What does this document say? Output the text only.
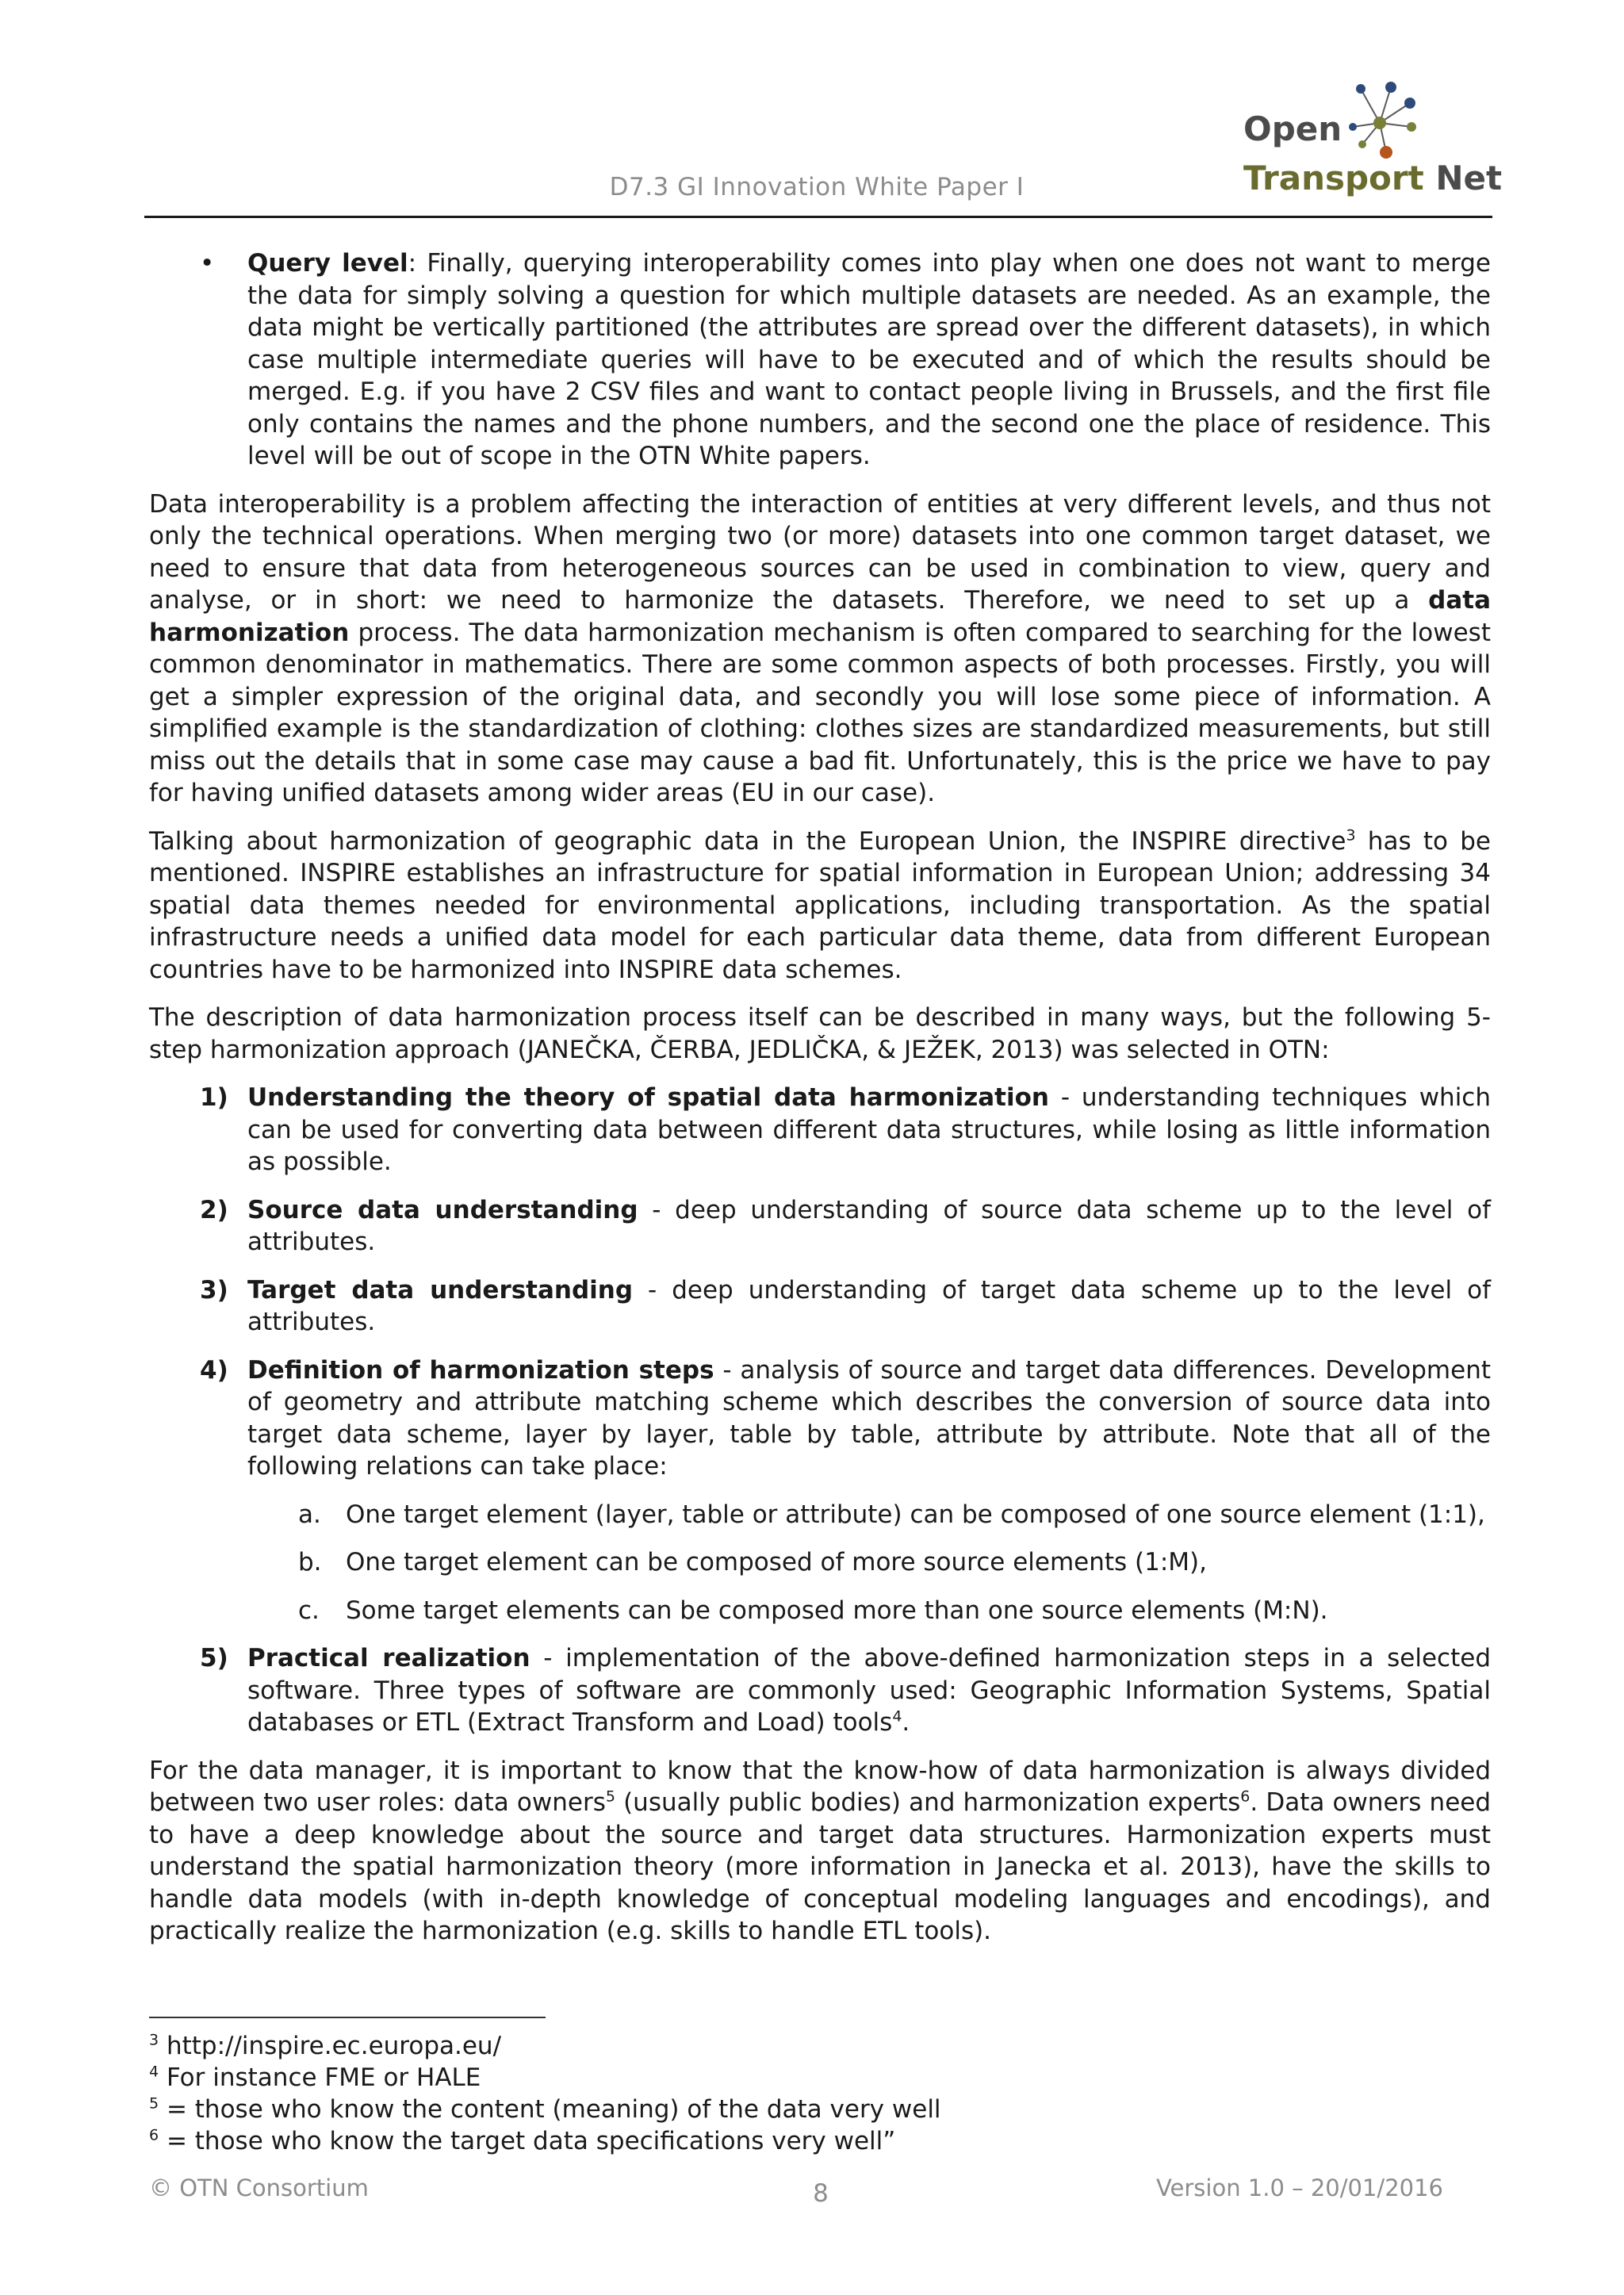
D7.3 GI Innovation White Paper I
Open
Transport Net
• Query level: Finally, querying interoperability comes into play when one does not want to merge the data for simply solving a question for which multiple datasets are needed. As an example, the data might be vertically partitioned (the attributes are spread over the different datasets), in which case multiple intermediate queries will have to be executed and of which the results should be merged. E.g. if you have 2 CSV files and want to contact people living in Brussels, and the first file only contains the names and the phone numbers, and the second one the place of residence. This level will be out of scope in the OTN White papers.

Data interoperability is a problem affecting the interaction of entities at very different levels, and thus not only the technical operations. When merging two (or more) datasets into one common target dataset, we need to ensure that data from heterogeneous sources can be used in combination to view, query and analyse, or in short: we need to harmonize the datasets. Therefore, we need to set up a data harmonization process. The data harmonization mechanism is often compared to searching for the lowest common denominator in mathematics. There are some common aspects of both processes. Firstly, you will get a simpler expression of the original data, and secondly you will lose some piece of information. A simplified example is the standardization of clothing: clothes sizes are standardized measurements, but still miss out the details that in some case may cause a bad fit. Unfortunately, this is the price we have to pay for having unified datasets among wider areas (EU in our case).

Talking about harmonization of geographic data in the European Union, the INSPIRE directive$^3$ has to be mentioned. INSPIRE establishes an infrastructure for spatial information in European Union; addressing 34 spatial data themes needed for environmental applications, including transportation. As the spatial infrastructure needs a unified data model for each particular data theme, data from different European countries have to be harmonized into INSPIRE data schemes.

The description of data harmonization process itself can be described in many ways, but the following 5-step harmonization approach (JANEČKA, ČERBA, JEDLIČKA, & JEŽEK, 2013) was selected in OTN:

1) Understanding the theory of spatial data harmonization - understanding techniques which can be used for converting data between different data structures, while losing as little information as possible.
2) Source data understanding - deep understanding of source data scheme up to the level of attributes.
3) Target data understanding - deep understanding of target data scheme up to the level of attributes.
4) Definition of harmonization steps - analysis of source and target data differences. Development of geometry and attribute matching scheme which describes the conversion of source data into target data scheme, layer by layer, table by table, attribute by attribute. Note that all of the following relations can take place:
a. One target element (layer, table or attribute) can be composed of one source element (1:1),
b. One target element can be composed of more source elements (1:M),
c. Some target elements can be composed more than one source elements (M:N).
5) Practical realization - implementation of the above-defined harmonization steps in a selected software. Three types of software are commonly used: Geographic Information Systems, Spatial databases or ETL (Extract Transform and Load) tools$^4$.

For the data manager, it is important to know that the know-how of data harmonization is always divided between two user roles: data owners$^5$ (usually public bodies) and harmonization experts$^6$. Data owners need to have a deep knowledge about the source and target data structures. Harmonization experts must understand the spatial harmonization theory (more information in Janecka et al. 2013), have the skills to handle data models (with in-depth knowledge of conceptual modeling languages and encodings), and practically realize the harmonization (e.g. skills to handle ETL tools).

$^3$ http://inspire.ec.europa.eu/
$^4$ For instance FME or HALE
$^5$ = those who know the content (meaning) of the data very well
$^6$ = those who know the target data specifications very well”
© OTN Consortium	8	Version 1.0 – 20/01/2016
